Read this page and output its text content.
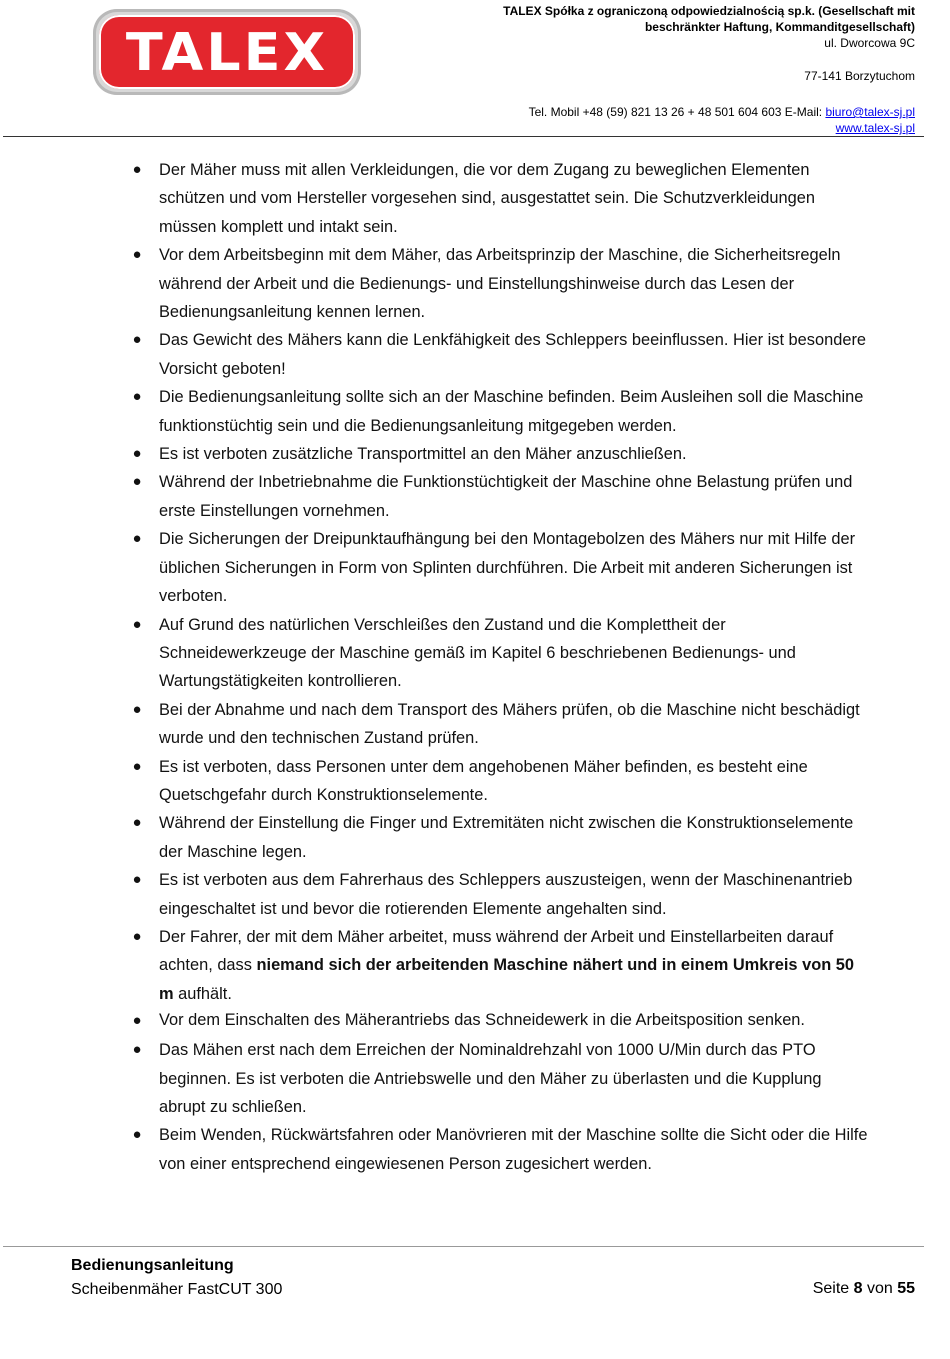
TALEX
TALEX Spółka z ograniczoną odpowiedzialnością sp.k. (Gesellschaft mit
beschränkter Haftung, Kommanditgesellschaft)
ul. Dworcowa 9C
77-141 Borzytuchom
Tel. Mobil +48 (59) 821 13 26 + 48 501 604 603 E-Mail: biuro@talex-sj.pl
www.talex-sj.pl
●	Der Mäher muss mit allen Verkleidungen, die vor dem Zugang zu beweglichen Elementen schützen und vom Hersteller vorgesehen sind, ausgestattet sein. Die Schutzverkleidungen müssen komplett und intakt sein.
●	Vor dem Arbeitsbeginn mit dem Mäher, das Arbeitsprinzip der Maschine, die Sicherheitsregeln während der Arbeit und die Bedienungs- und Einstellungshinweise durch das Lesen der Bedienungsanleitung kennen lernen.
●	Das Gewicht des Mähers kann die Lenkfähigkeit des Schleppers beeinflussen. Hier ist besondere Vorsicht geboten!
●	Die Bedienungsanleitung sollte sich an der Maschine befinden. Beim Ausleihen soll die Maschine funktionstüchtig sein und die Bedienungsanleitung mitgegeben werden.
●	Es ist verboten zusätzliche Transportmittel an den Mäher anzuschließen.
●	Während der Inbetriebnahme die Funktionstüchtigkeit der Maschine ohne Belastung prüfen und erste Einstellungen vornehmen.
●	Die Sicherungen der Dreipunktaufhängung bei den Montagebolzen des Mähers nur mit Hilfe der üblichen Sicherungen in Form von Splinten durchführen. Die Arbeit mit anderen Sicherungen ist verboten.
●	Auf Grund des natürlichen Verschleißes den Zustand und die Komplettheit der Schneidewerkzeuge der Maschine gemäß im Kapitel 6 beschriebenen Bedienungs- und Wartungstätigkeiten kontrollieren.
●	Bei der Abnahme und nach dem Transport des Mähers prüfen, ob die Maschine nicht beschädigt wurde und den technischen Zustand prüfen.
●	Es ist verboten, dass Personen unter dem angehobenen Mäher befinden, es besteht eine Quetschgefahr durch Konstruktionselemente.
●	Während der Einstellung die Finger und Extremitäten nicht zwischen die Konstruktionselemente der Maschine legen.
●	Es ist verboten aus dem Fahrerhaus des Schleppers auszusteigen, wenn der Maschinenantrieb eingeschaltet ist und bevor die rotierenden Elemente angehalten sind.
●	Der Fahrer, der mit dem Mäher arbeitet, muss während der Arbeit und Einstellarbeiten darauf achten, dass niemand sich der arbeitenden Maschine nähert und in einem Umkreis von 50 m aufhält.
●	Vor dem Einschalten des Mäherantriebs das Schneidewerk in die Arbeitsposition senken.
●	Das Mähen erst nach dem Erreichen der Nominaldrehzahl von 1000 U/Min durch das PTO beginnen. Es ist verboten die Antriebswelle und den Mäher zu überlasten und die Kupplung abrupt zu schließen.
●	Beim Wenden, Rückwärtsfahren oder Manövrieren mit der Maschine sollte die Sicht oder die Hilfe von einer entsprechend eingewiesenen Person zugesichert werden.
Bedienungsanleitung
Scheibenmäher FastCUT 300	Seite 8 von 55
